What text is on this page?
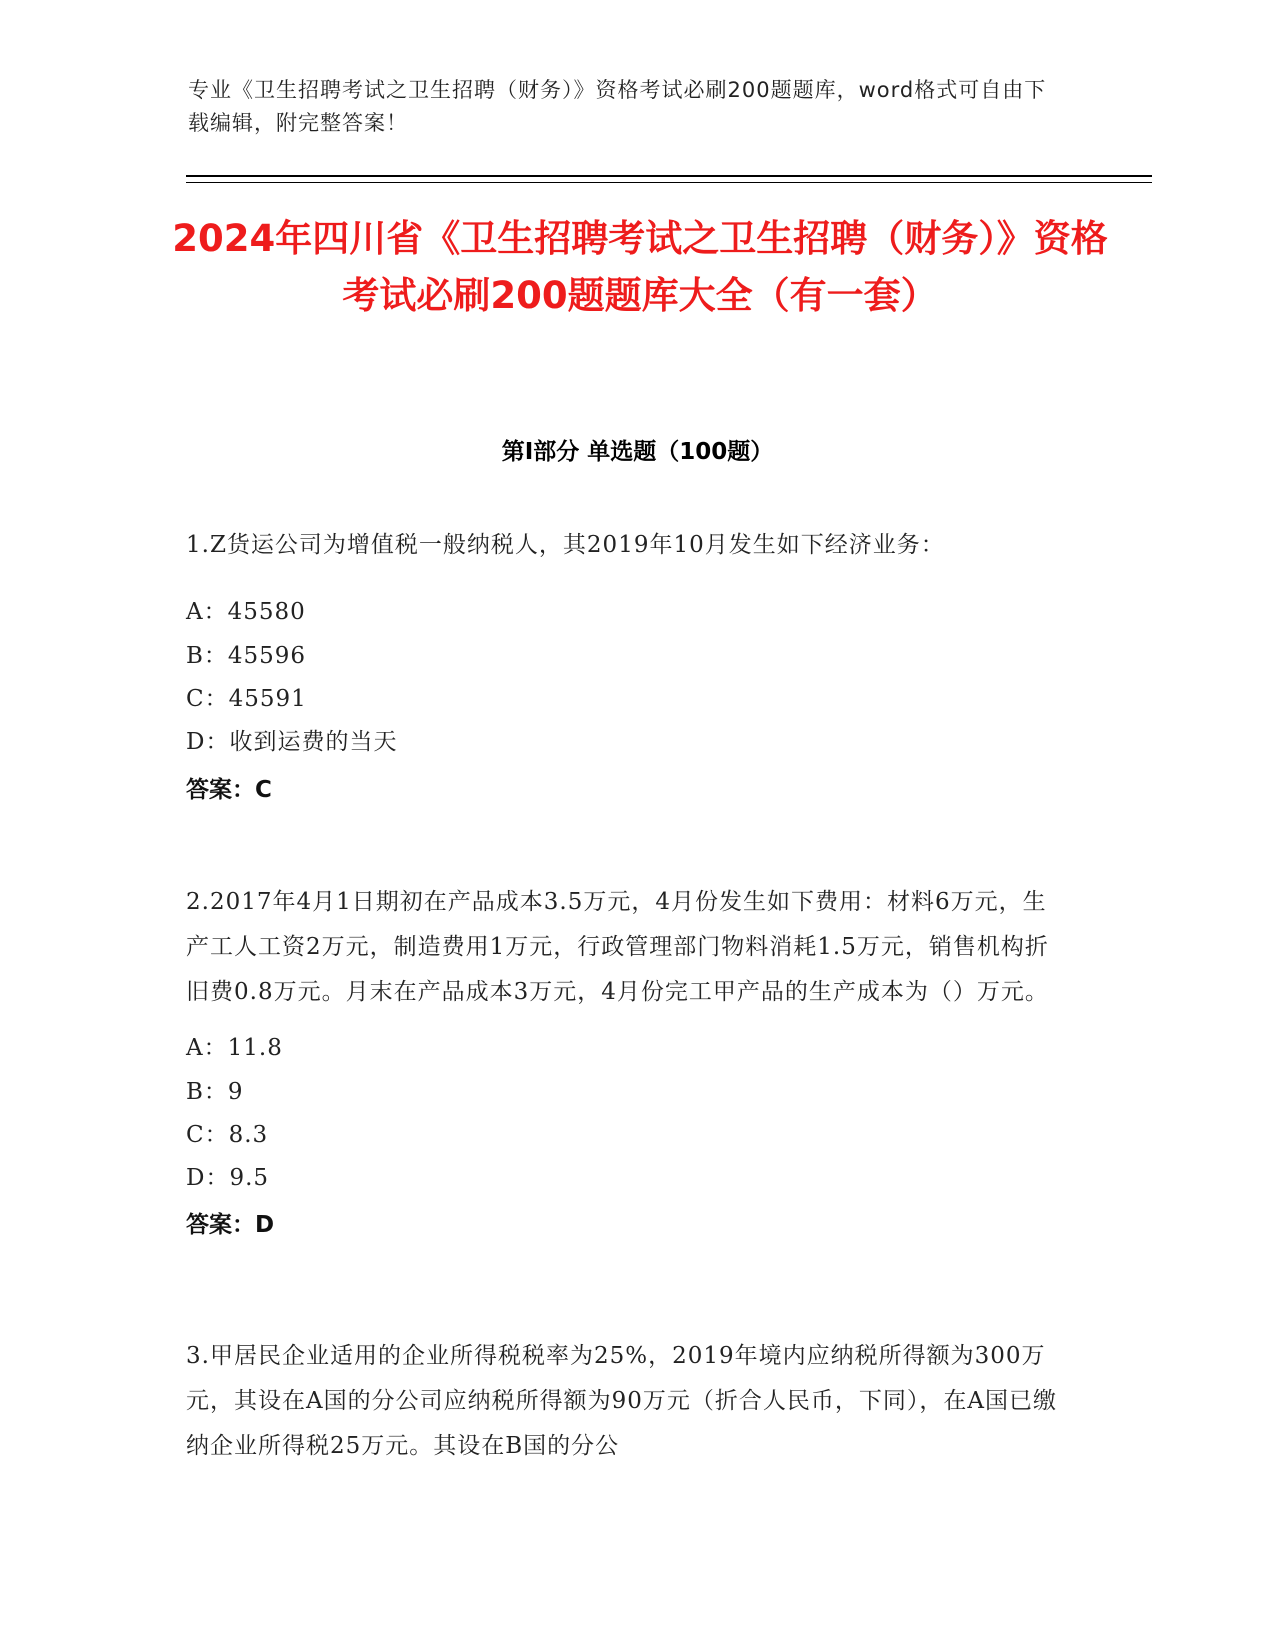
专业《卫生招聘考试之卫生招聘（财务）》资格考试必刷200题题库，word格式可自由下载编辑，附完整答案！
2024年四川省《卫生招聘考试之卫生招聘（财务）》资格考试必刷200题题库大全（有一套）
第I部分 单选题（100题）
1.Z货运公司为增值税一般纳税人，其2019年10月发生如下经济业务：
A：45580
B：45596
C：45591
D：收到运费的当天
答案：C
2.2017年4月1日期初在产品成本3.5万元，4月份发生如下费用：材料6万元，生产工人工资2万元，制造费用1万元，行政管理部门物料消耗1.5万元，销售机构折旧费0.8万元。月末在产品成本3万元，4月份完工甲产品的生产成本为（）万元。
A：11.8
B：9
C：8.3
D：9.5
答案：D
3.甲居民企业适用的企业所得税税率为25%，2019年境内应纳税所得额为300万元，其设在A国的分公司应纳税所得额为90万元（折合人民币，下同），在A国已缴纳企业所得税25万元。其设在B国的分公
